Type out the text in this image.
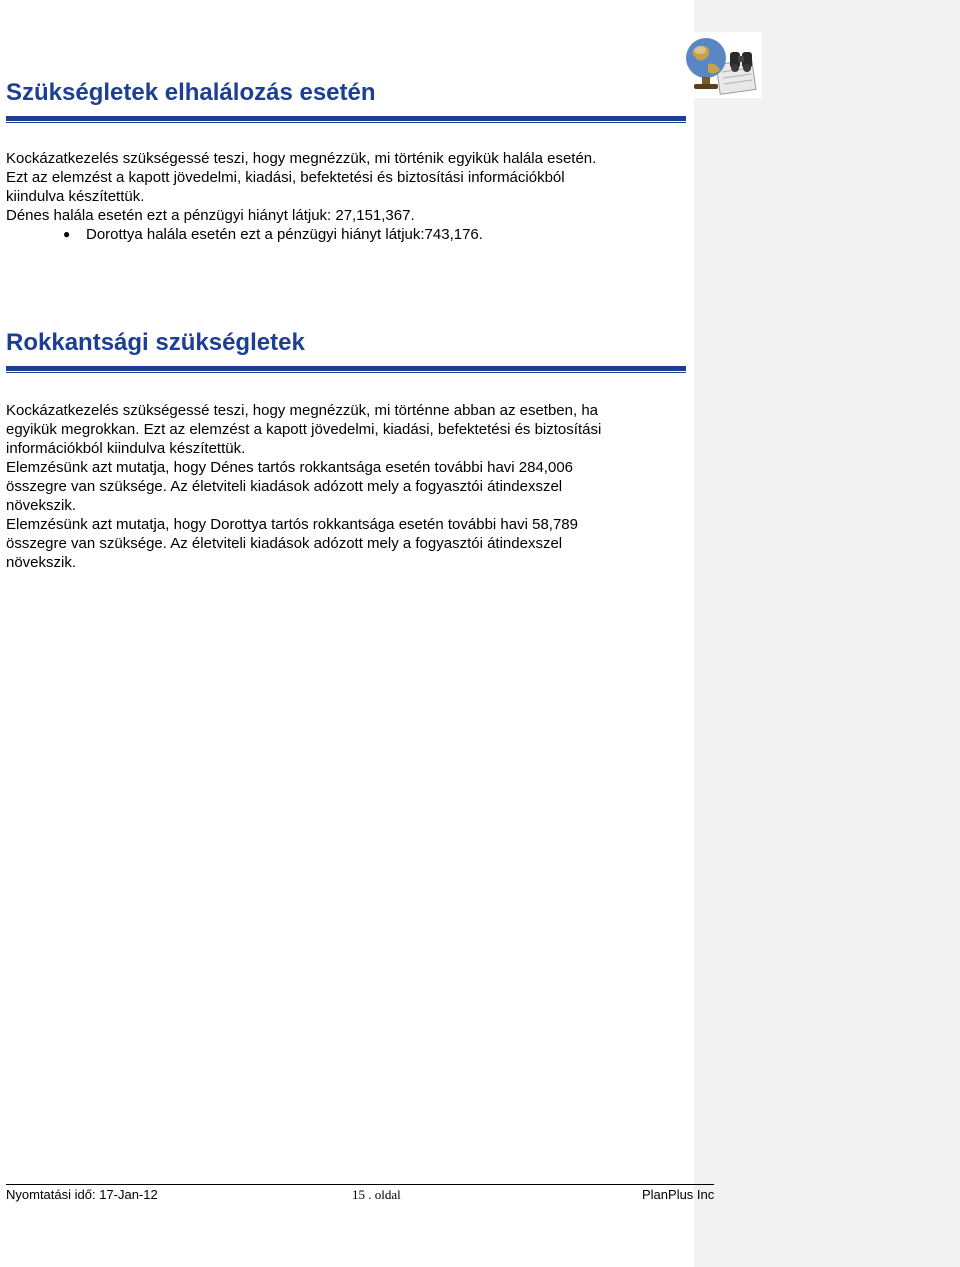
Szükségletek elhalálozás esetén

Kockázatkezelés szükségessé teszi, hogy megnézzük, mi történik egyikük halála esetén.

Ezt az elemzést a kapott jövedelmi, kiadási, befektetési és biztosítási információkból

kiindulva készítettük.

Dénes halála esetén ezt a pénzügyi hiányt látjuk: 27,151,367.

● Dorottya halála esetén ezt a pénzügyi hiányt látjuk:743,176.

Rokkantsági szükségletek

Kockázatkezelés szükségessé teszi, hogy megnézzük, mi történne abban az esetben, ha

egyikük megrokkan. Ezt az elemzést a kapott jövedelmi, kiadási, befektetési és biztosítási

információkból kiindulva készítettük.

Elemzésünk azt mutatja, hogy Dénes tartós rokkantsága esetén további havi 284,006

összegre van szüksége. Az életviteli kiadások adózott mely a fogyasztói átindexszel

növekszik.

Elemzésünk azt mutatja, hogy Dorottya tartós rokkantsága esetén további havi 58,789

összegre van szüksége. Az életviteli kiadások adózott mely a fogyasztói átindexszel

növekszik.

Nyomtatási idő: 17-Jan-12	15 . oldal	PlanPlus Inc
